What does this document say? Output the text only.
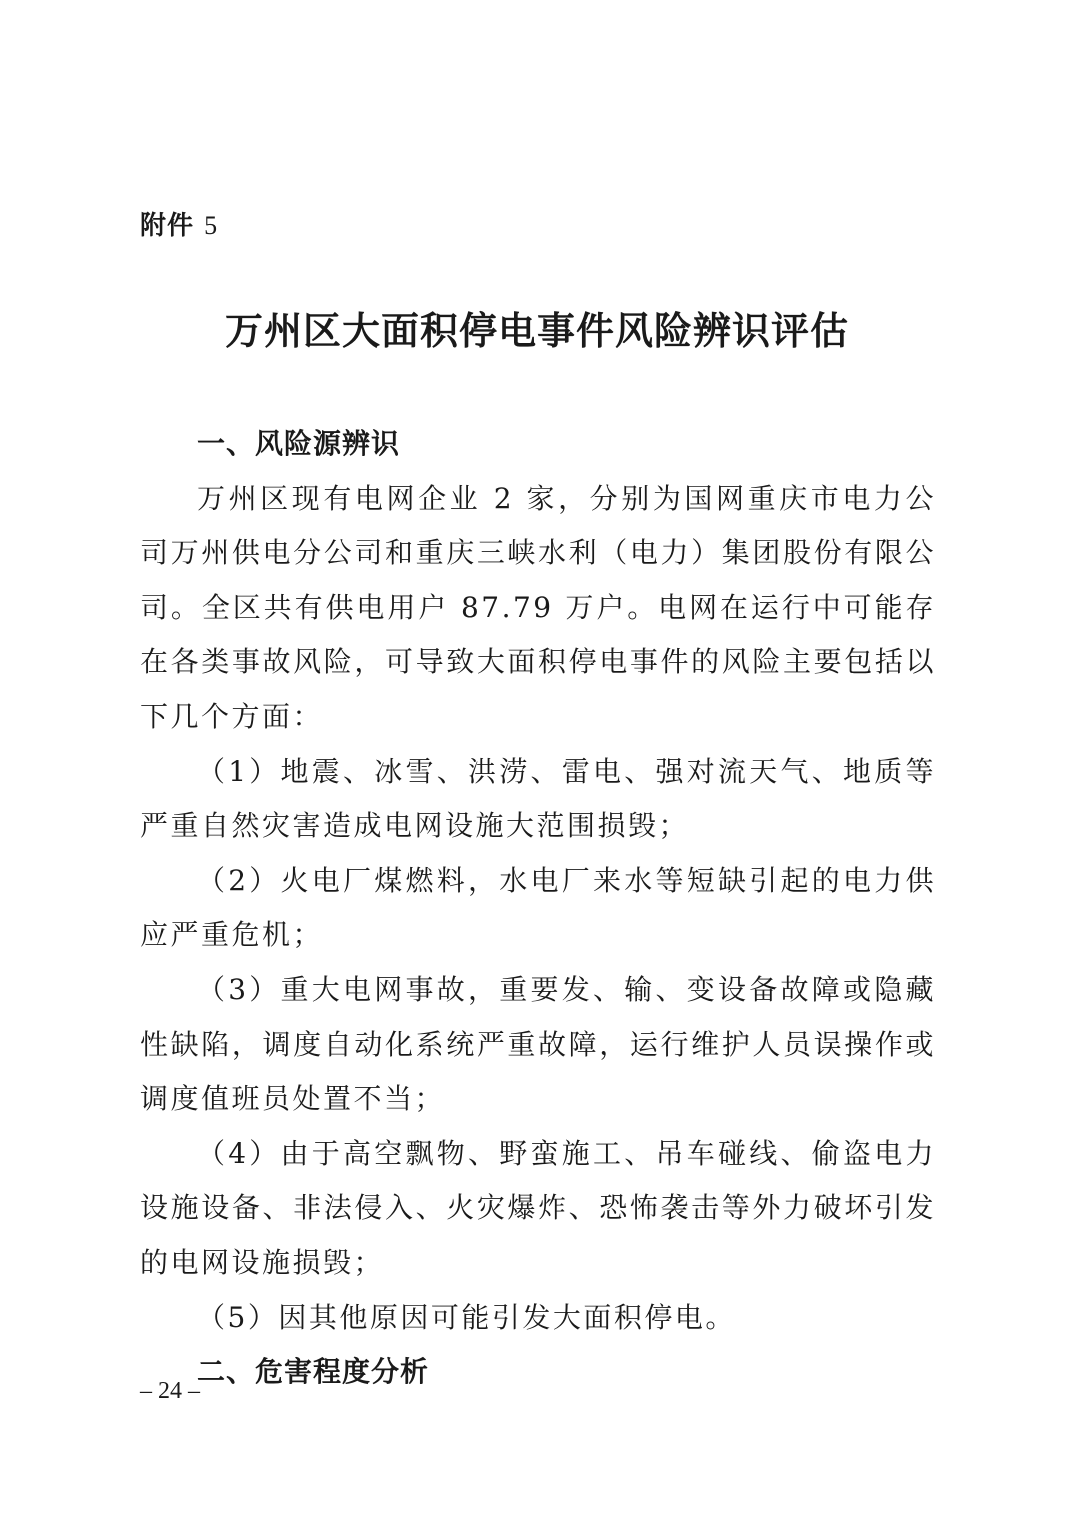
附件 5
万州区大面积停电事件风险辨识评估

一、风险源辨识

万州区现有电网企业 2 家，分别为国网重庆市电力公司万州供电分公司和重庆三峡水利（电力）集团股份有限公司。全区共有供电用户 87.79 万户。电网在运行中可能存在各类事故风险，可导致大面积停电事件的风险主要包括以下几个方面：

（1）地震、冰雪、洪涝、雷电、强对流天气、地质等严重自然灾害造成电网设施大范围损毁；

（2）火电厂煤燃料，水电厂来水等短缺引起的电力供应严重危机；

（3）重大电网事故，重要发、输、变设备故障或隐藏性缺陷，调度自动化系统严重故障，运行维护人员误操作或调度值班员处置不当；

（4）由于高空飘物、野蛮施工、吊车碰线、偷盗电力设施设备、非法侵入、火灾爆炸、恐怖袭击等外力破坏引发的电网设施损毁；

（5）因其他原因可能引发大面积停电。

二、危害程度分析

– 24 –
